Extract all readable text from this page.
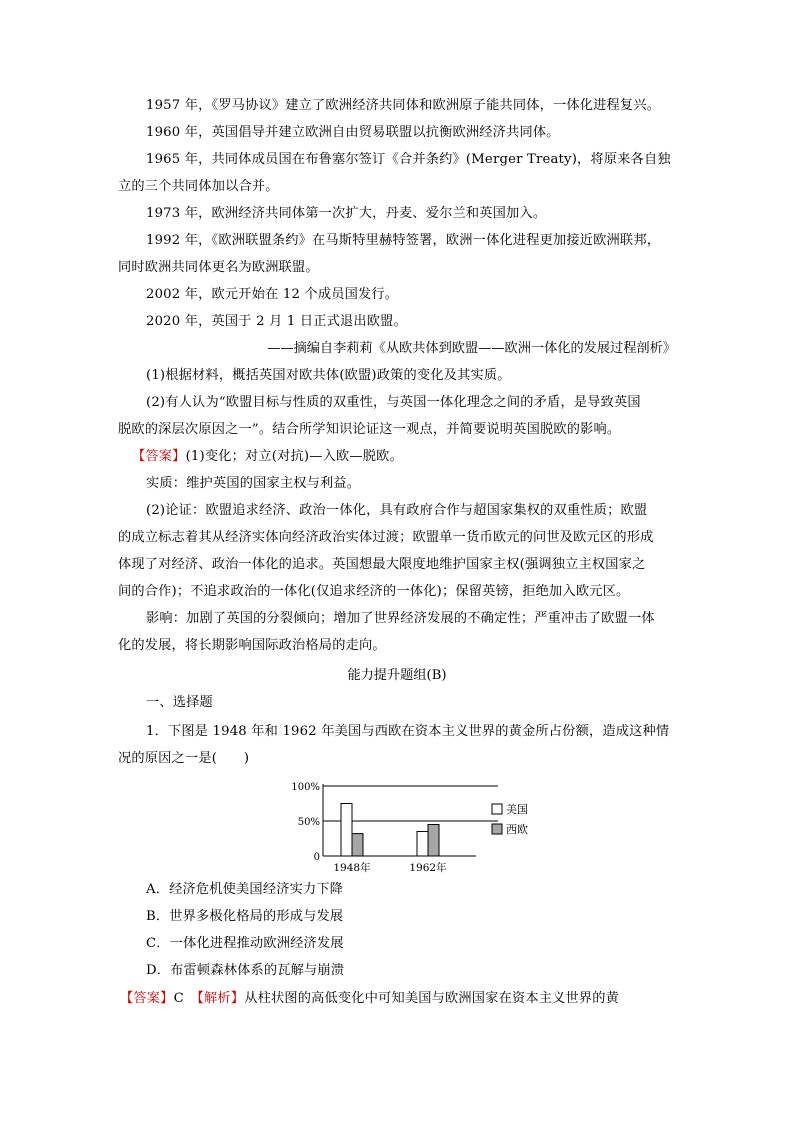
1957 年，《罗马协议》建立了欧洲经济共同体和欧洲原子能共同体，一体化进程复兴。
1960 年，英国倡导并建立欧洲自由贸易联盟以抗衡欧洲经济共同体。
1965 年，共同体成员国在布鲁塞尔签订《合并条约》(Merger Treaty)，将原来各自独
立的三个共同体加以合并。
1973 年，欧洲经济共同体第一次扩大，丹麦、爱尔兰和英国加入。
1992 年，《欧洲联盟条约》在马斯特里赫特签署，欧洲一体化进程更加接近欧洲联邦，
同时欧洲共同体更名为欧洲联盟。
2002 年，欧元开始在 12 个成员国发行。
2020 年，英国于 2 月 1 日正式退出欧盟。
——摘编自李莉莉《从欧共体到欧盟——欧洲一体化的发展过程剖析》
(1)根据材料，概括英国对欧共体(欧盟)政策的变化及其实质。
(2)有人认为“欧盟目标与性质的双重性，与英国一体化理念之间的矛盾，是导致英国
脱欧的深层次原因之一”。结合所学知识论证这一观点，并简要说明英国脱欧的影响。
【答案】(1)变化；对立(对抗)—入欧—脱欧。
实质：维护英国的国家主权与利益。
(2)论证：欧盟追求经济、政治一体化，具有政府合作与超国家集权的双重性质；欧盟
的成立标志着其从经济实体向经济政治实体过渡；欧盟单一货币欧元的问世及欧元区的形成
体现了对经济、政治一体化的追求。英国想最大限度地维护国家主权(强调独立主权国家之
间的合作)；不追求政治的一体化(仅追求经济的一体化)；保留英镑，拒绝加入欧元区。
影响：加剧了英国的分裂倾向；增加了世界经济发展的不确定性；严重冲击了欧盟一体
化的发展，将长期影响国际政治格局的走向。
能力提升题组(B)
一、选择题
1．下图是 1948 年和 1962 年美国与西欧在资本主义世界的黄金所占份额，造成这种情
况的原因之一是(　　)
100%
50%
0
1948年	1962年
美国
西欧
A．经济危机使美国经济实力下降
B．世界多极化格局的形成与发展
C．一体化进程推动欧洲经济发展
D．布雷顿森林体系的瓦解与崩溃
【答案】C　 【解析】从柱状图的高低变化中可知美国与欧洲国家在资本主义世界的黄
